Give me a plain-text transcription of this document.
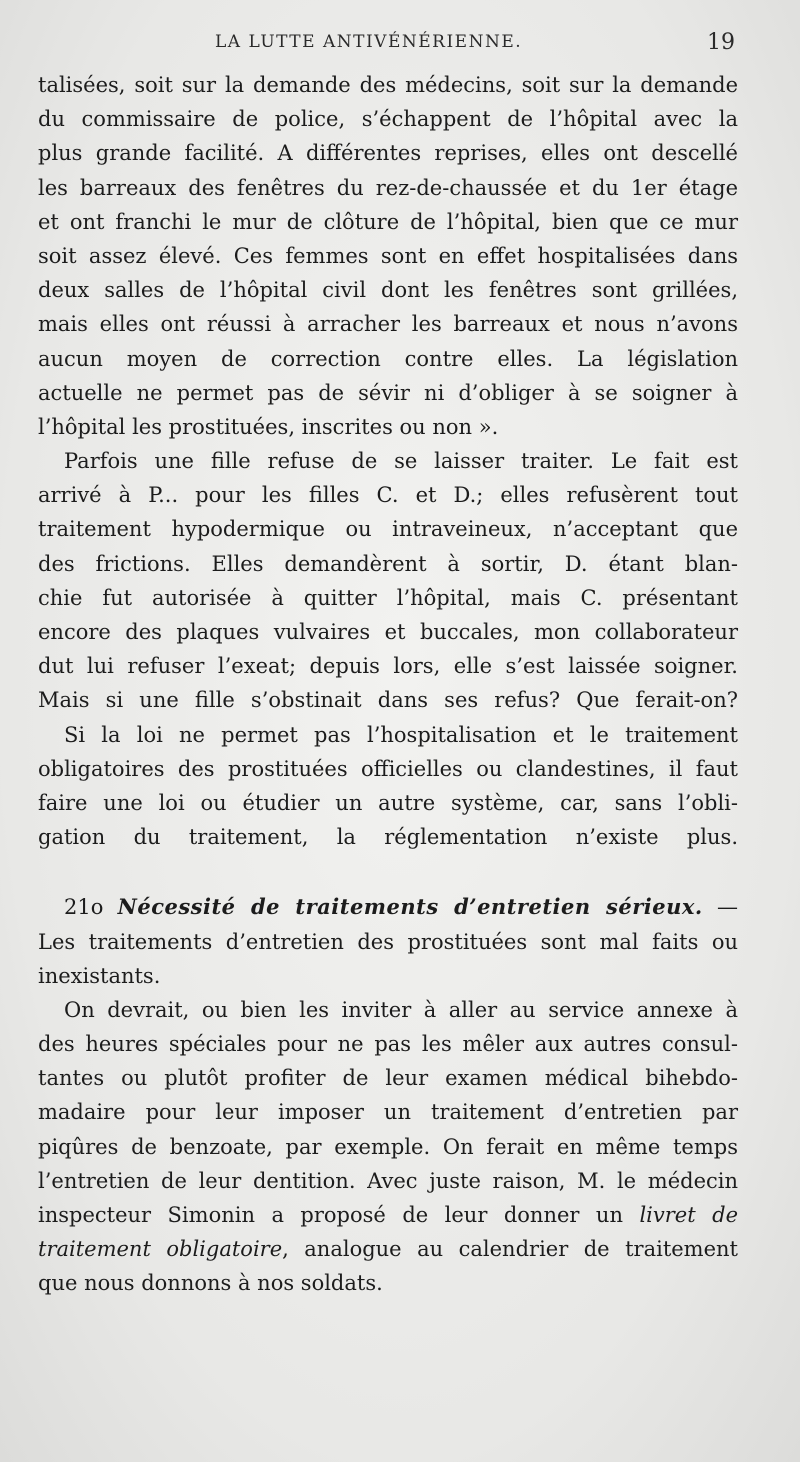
LA LUTTE ANTIVÉNÉRIENNE.	19
talisées, soit sur la demande des médecins, soit sur la demande
du commissaire de police, s’échappent de l’hôpital avec la
plus grande facilité. A différentes reprises, elles ont descellé
les barreaux des fenêtres du rez-de-chaussée et du 1er étage
et ont franchi le mur de clôture de l’hôpital, bien que ce mur
soit assez élevé. Ces femmes sont en effet hospitalisées dans
deux salles de l’hôpital civil dont les fenêtres sont grillées,
mais elles ont réussi à arracher les barreaux et nous n’avons
aucun moyen de correction contre elles. La législation
actuelle ne permet pas de sévir ni d’obliger à se soigner à
l’hôpital les prostituées, inscrites ou non ».
Parfois une fille refuse de se laisser traiter. Le fait est
arrivé à P... pour les filles C. et D.; elles refusèrent tout
traitement hypodermique ou intraveineux, n’acceptant que
des frictions. Elles demandèrent à sortir, D. étant blan-
chie fut autorisée à quitter l’hôpital, mais C. présentant
encore des plaques vulvaires et buccales, mon collaborateur
dut lui refuser l’exeat; depuis lors, elle s’est laissée soigner.
Mais si une fille s’obstinait dans ses refus? Que ferait-on?
Si la loi ne permet pas l’hospitalisation et le traitement
obligatoires des prostituées officielles ou clandestines, il faut
faire une loi ou étudier un autre système, car, sans l’obli-
gation du traitement, la réglementation n’existe plus.
21o Nécessité de traitements d’entretien sérieux. —
Les traitements d’entretien des prostituées sont mal faits ou
inexistants.
On devrait, ou bien les inviter à aller au service annexe à
des heures spéciales pour ne pas les mêler aux autres consul-
tantes ou plutôt profiter de leur examen médical bihebdo-
madaire pour leur imposer un traitement d’entretien par
piqûres de benzoate, par exemple. On ferait en même temps
l’entretien de leur dentition. Avec juste raison, M. le médecin
inspecteur Simonin a proposé de leur donner un livret de
traitement obligatoire, analogue au calendrier de traitement
que nous donnons à nos soldats.
